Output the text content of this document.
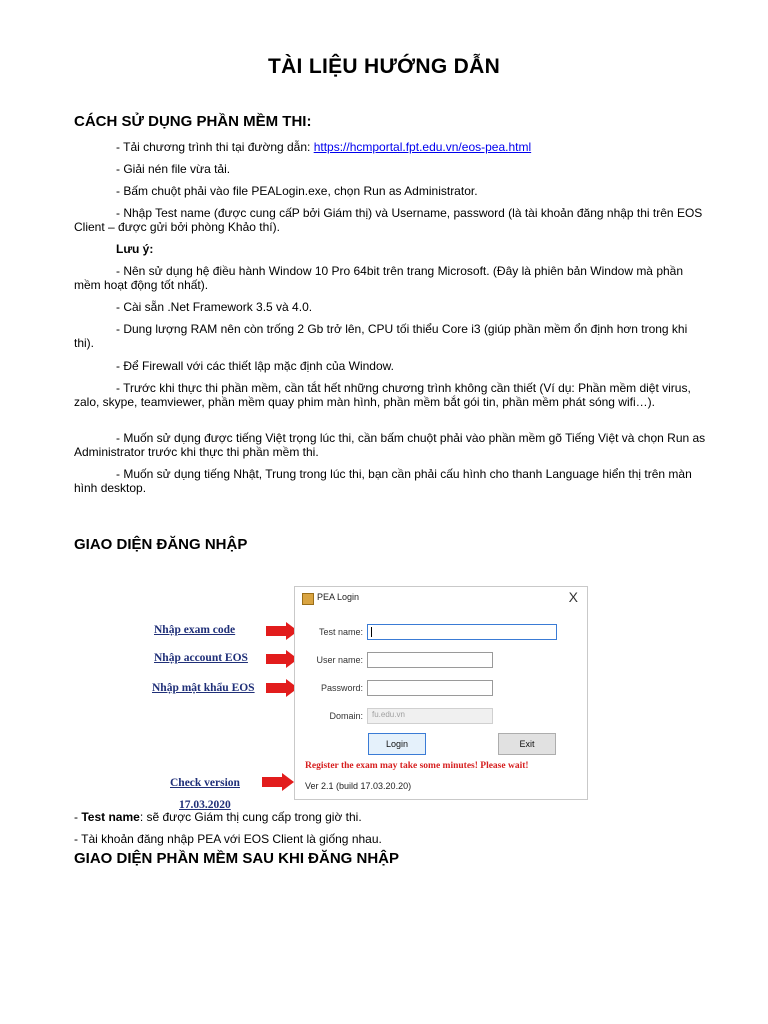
TÀI LIỆU HƯỚNG DẪN
CÁCH SỬ DỤNG PHẦN MỀM THI:
- Tải chương trình thi tại đường dẫn: https://hcmportal.fpt.edu.vn/eos-pea.html
- Giải nén file vừa tải.
- Bấm chuột phải vào file PEALogin.exe, chọn Run as Administrator.
- Nhập Test name (được cung cấP bởi Giám thị) và Username, password (là tài khoản đăng nhập thi trên EOS Client – được gửi bởi phòng Khảo thí).
Lưu ý:
- Nên sử dụng hệ điều hành Window 10 Pro 64bit trên trang Microsoft. (Đây là phiên bản Window mà phần mềm hoạt động tốt nhất).
- Cài sẵn .Net Framework 3.5 và 4.0.
- Dung lượng RAM nên còn trống 2 Gb trở lên, CPU tối thiểu Core i3 (giúp phần mềm ổn định hơn trong khi thi).
- Để Firewall với các thiết lập mặc định của Window.
- Trước khi thực thi phần mềm, cần tắt hết những chương trình không cần thiết (Ví dụ: Phần mềm diệt virus, zalo, skype, teamviewer, phần mềm quay phim màn hình, phần mềm bắt gói tin, phần mềm phát sóng wifi…).
- Muốn sử dụng được tiếng Việt trọng lúc thi, cần bấm chuột phải vào phần mềm gõ Tiếng Việt và chọn Run as Administrator trước khi thực thi phần mềm thi.
- Muốn sử dụng tiếng Nhật, Trung trong lúc thi, bạn cần phải cấu hình cho thanh Language hiển thị trên màn hình desktop.
GIAO DIỆN ĐĂNG NHẬP
Nhập exam code
Nhập account EOS
Nhập mật khẩu EOS
Check version
PEA Login	X
Test name:
User name:
Password:
Domain: fu.edu.vn
Login	Exit
Register the exam may take some minutes! Please wait!
Ver 2.1 (build 17.03.20.20)
17.03.2020
- Test name: sẽ được Giám thị cung cấp trong giờ thi.
- Tài khoản đăng nhập PEA với EOS Client là giống nhau.
GIAO DIỆN PHẦN MỀM SAU KHI ĐĂNG NHẬP
